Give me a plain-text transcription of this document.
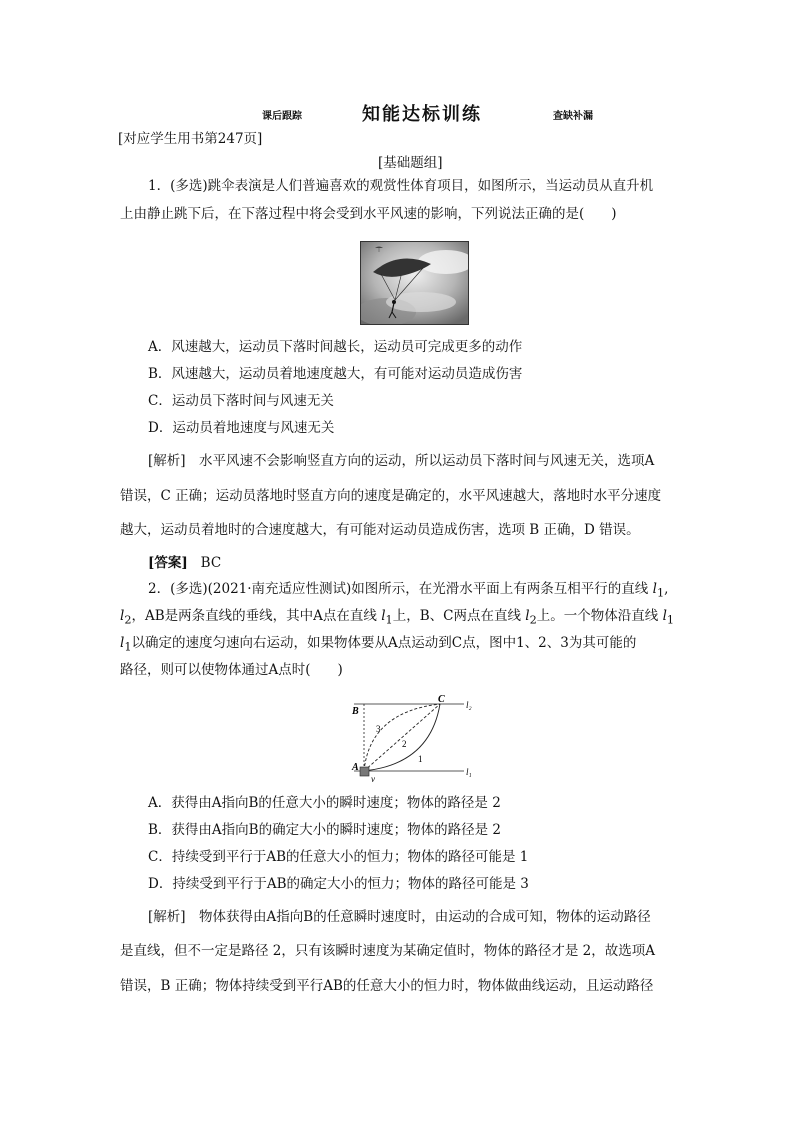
课后跟踪	知能达标训练	查缺补漏
[对应学生用书第247页]
[基础题组]
1．(多选)跳伞表演是人们普遍喜欢的观赏性体育项目，如图所示，当运动员从直升机
上由静止跳下后，在下落过程中将会受到水平风速的影响，下列说法正确的是(　　)
A．风速越大，运动员下落时间越长，运动员可完成更多的动作
B．风速越大，运动员着地速度越大，有可能对运动员造成伤害
C．运动员下落时间与风速无关
D．运动员着地速度与风速无关
[解析]　水平风速不会影响竖直方向的运动，所以运动员下落时间与风速无关，选项A
错误，C 正确；运动员落地时竖直方向的速度是确定的，水平风速越大，落地时水平分速度
越大，运动员着地时的合速度越大，有可能对运动员造成伤害，选项 B 正确，D 错误。
[答案] BC
2．(多选)(2021·南充适应性测试)如图所示，在光滑水平面上有两条互相平行的直线 $l_1$,
$l_2$，AB是两条直线的垂线，其中A点在直线 $l_1$上，B、C两点在直线 $l_2$上。一个物体沿直线 $l_1$
$l_1$以确定的速度匀速向右运动，如果物体要从A点运动到C点，图中1、2、3为其可能的
路径，则可以使物体通过A点时(　　)
B
C
A
v
l₂
l₁
1
2
3
A．获得由A指向B的任意大小的瞬时速度；物体的路径是 2
B．获得由A指向B的确定大小的瞬时速度；物体的路径是 2
C．持续受到平行于AB的任意大小的恒力；物体的路径可能是 1
D．持续受到平行于AB的确定大小的恒力；物体的路径可能是 3
[解析]　物体获得由A指向B的任意瞬时速度时，由运动的合成可知，物体的运动路径
是直线，但不一定是路径 2，只有该瞬时速度为某确定值时，物体的路径才是 2，故选项A
错误，B 正确；物体持续受到平行AB的任意大小的恒力时，物体做曲线运动，且运动路径
